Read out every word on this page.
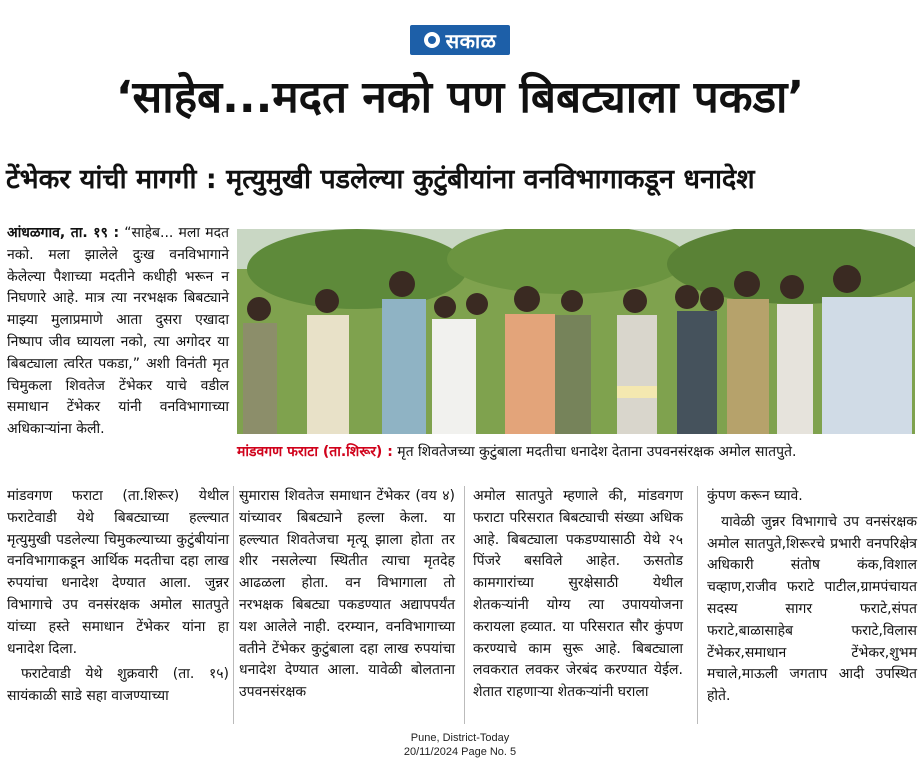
सकाळ
‘साहेब...मदत नको पण बिबट्याला पकडा’
टेंभेकर यांची मागगी : मृत्युमुखी पडलेल्या कुटुंबीयांना वनविभागाकडून धनादेश

आंधळगाव, ता. १९ : “साहेब... मला मदत नको. मला झालेले दुःख वनविभागाने केलेल्या पैशाच्या मदतीने कधीही भरून न निघणारे आहे. मात्र त्या नरभक्षक बिबट्याने माझ्या मुलाप्रमाणे आता दुसरा एखादा निष्पाप जीव घ्यायला नको, त्या अगोदर या बिबट्याला त्वरित पकडा,” अशी विनंती मृत चिमुकला शिवतेज टेंभेकर याचे वडील समाधान टेंभेकर यांनी वनविभागाच्या अधिकाऱ्यांना केली.

मांडवगण फराटा (ता.शिरूर) : मृत शिवतेजच्या कुटुंबाला मदतीचा धनादेश देताना उपवनसंरक्षक अमोल सातपुते.

मांडवगण फराटा (ता.शिरूर) येथील फराटेवाडी येथे बिबट्याच्या हल्ल्यात मृत्युमुखी पडलेल्या चिमुकल्याच्या कुटुंबीयांना वनविभागाकडून आर्थिक मदतीचा दहा लाख रुपयांचा धनादेश देण्यात आला. जुन्नर विभागाचे उप वनसंरक्षक अमोल सातपुते यांच्या हस्ते समाधान टेंभेकर यांना हा धनादेश दिला.

फराटेवाडी येथे शुक्रवारी (ता. १५) सायंकाळी साडे सहा वाजण्याच्या

सुमारास शिवतेज समाधान टेंभेकर (वय ४) यांच्यावर बिबट्याने हल्ला केला. या हल्ल्यात शिवतेजचा मृत्यू झाला होता तर शीर नसलेल्या स्थितीत त्याचा मृतदेह आढळला होता. वन विभागाला तो नरभक्षक बिबट्या पकडण्यात अद्यापपर्यंत यश आलेले नाही. दरम्यान, वनविभागाच्या वतीने टेंभेकर कुटुंबाला दहा लाख रुपयांचा धनादेश देण्यात आला. यावेळी बोलताना उपवनसंरक्षक

अमोल सातपुते म्हणाले की, मांडवगण फराटा परिसरात बिबट्याची संख्या अधिक आहे. बिबट्याला पकडण्यासाठी येथे २५ पिंजरे बसविले आहेत. ऊसतोड कामगारांच्या सुरक्षेसाठी येथील शेतकऱ्यांनी योग्य त्या उपाययोजना करायला हव्यात. या परिसरात सौर कुंपण करण्याचे काम सुरू आहे. बिबट्याला लवकरात लवकर जेरबंद करण्यात येईल. शेतात राहणाऱ्या शेतकऱ्यांनी घराला

कुंपण करून घ्यावे.

यावेळी जुन्नर विभागाचे उप वनसंरक्षक अमोल सातपुते,शिरूरचे प्रभारी वनपरिक्षेत्र अधिकारी संतोष कंक,विशाल चव्हाण,राजीव फराटे पाटील,ग्रामपंचायत सदस्य सागर फराटे,संपत फराटे,बाळासाहेब फराटे,विलास टेंभेकर,समाधान टेंभेकर,शुभम मचाले,माऊली जगताप आदी उपस्थित होते.

Pune, District-Today
20/11/2024 Page No. 5
